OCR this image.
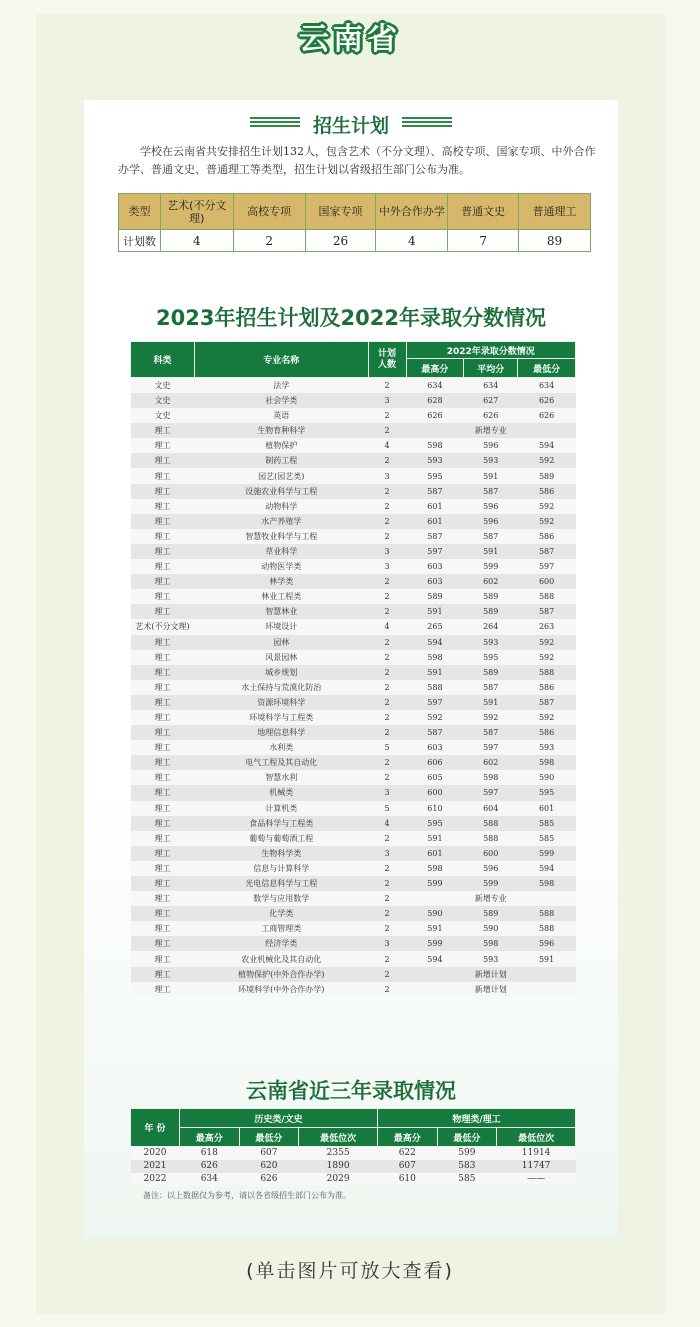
云南省
招生计划

学校在云南省共安排招生计划132人，包含艺术（不分文理）、高校专项、国家专项、中外合作办学、普通文史、普通理工等类型，招生计划以省级招生部门公布为准。

类型	艺术(不分文理)	高校专项	国家专项	中外合作办学	普通文史	普通理工
计划数	4	2	26	4	7	89
2023年招生计划及2022年录取分数情况
科类	专业名称	计划人数	2022年录取分数情况		
			最高分	平均分	最低分
文史	法学	2	634	634	634
文史	社会学类	3	628	627	626
文史	英语	2	626	626	626
理工	生物育种科学	2	新增专业		
理工	植物保护	4	598	596	594
理工	制药工程	2	593	593	592
理工	园艺(园艺类)	3	595	591	589
理工	设施农业科学与工程	2	587	587	586
理工	动物科学	2	601	596	592
理工	水产养殖学	2	601	596	592
理工	智慧牧业科学与工程	2	587	587	586
理工	草业科学	3	597	591	587
理工	动物医学类	3	603	599	597
理工	林学类	2	603	602	600
理工	林业工程类	2	589	589	588
理工	智慧林业	2	591	589	587
艺术(不分文理)	环境设计	4	265	264	263
理工	园林	2	594	593	592
理工	风景园林	2	598	595	592
理工	城乡规划	2	591	589	588
理工	水土保持与荒漠化防治	2	588	587	586
理工	资源环境科学	2	597	591	587
理工	环境科学与工程类	2	592	592	592
理工	地理信息科学	2	587	587	586
理工	水利类	5	603	597	593
理工	电气工程及其自动化	2	606	602	598
理工	智慧水利	2	605	598	590
理工	机械类	3	600	597	595
理工	计算机类	5	610	604	601
理工	食品科学与工程类	4	595	588	585
理工	葡萄与葡萄酒工程	2	591	588	585
理工	生物科学类	3	601	600	599
理工	信息与计算科学	2	598	596	594
理工	光电信息科学与工程	2	599	599	598
理工	数学与应用数学	2	新增专业		
理工	化学类	2	590	589	588
理工	工商管理类	2	591	590	588
理工	经济学类	3	599	598	596
理工	农业机械化及其自动化	2	594	593	591
理工	植物保护(中外合作办学)	2	新增计划		
理工	环境科学(中外合作办学)	2	新增计划		
云南省近三年录取情况
年 份	历史类/文史			物理类/理工		
	最高分	最低分	最低位次	最高分	最低分	最低位次
2020	618	607	2355	622	599	11914
2021	626	620	1890	607	583	11747
2022	634	626	2029	610	585	——
备注：以上数据仅为参考，请以各省级招生部门公布为准。
(单击图片可放大查看)
